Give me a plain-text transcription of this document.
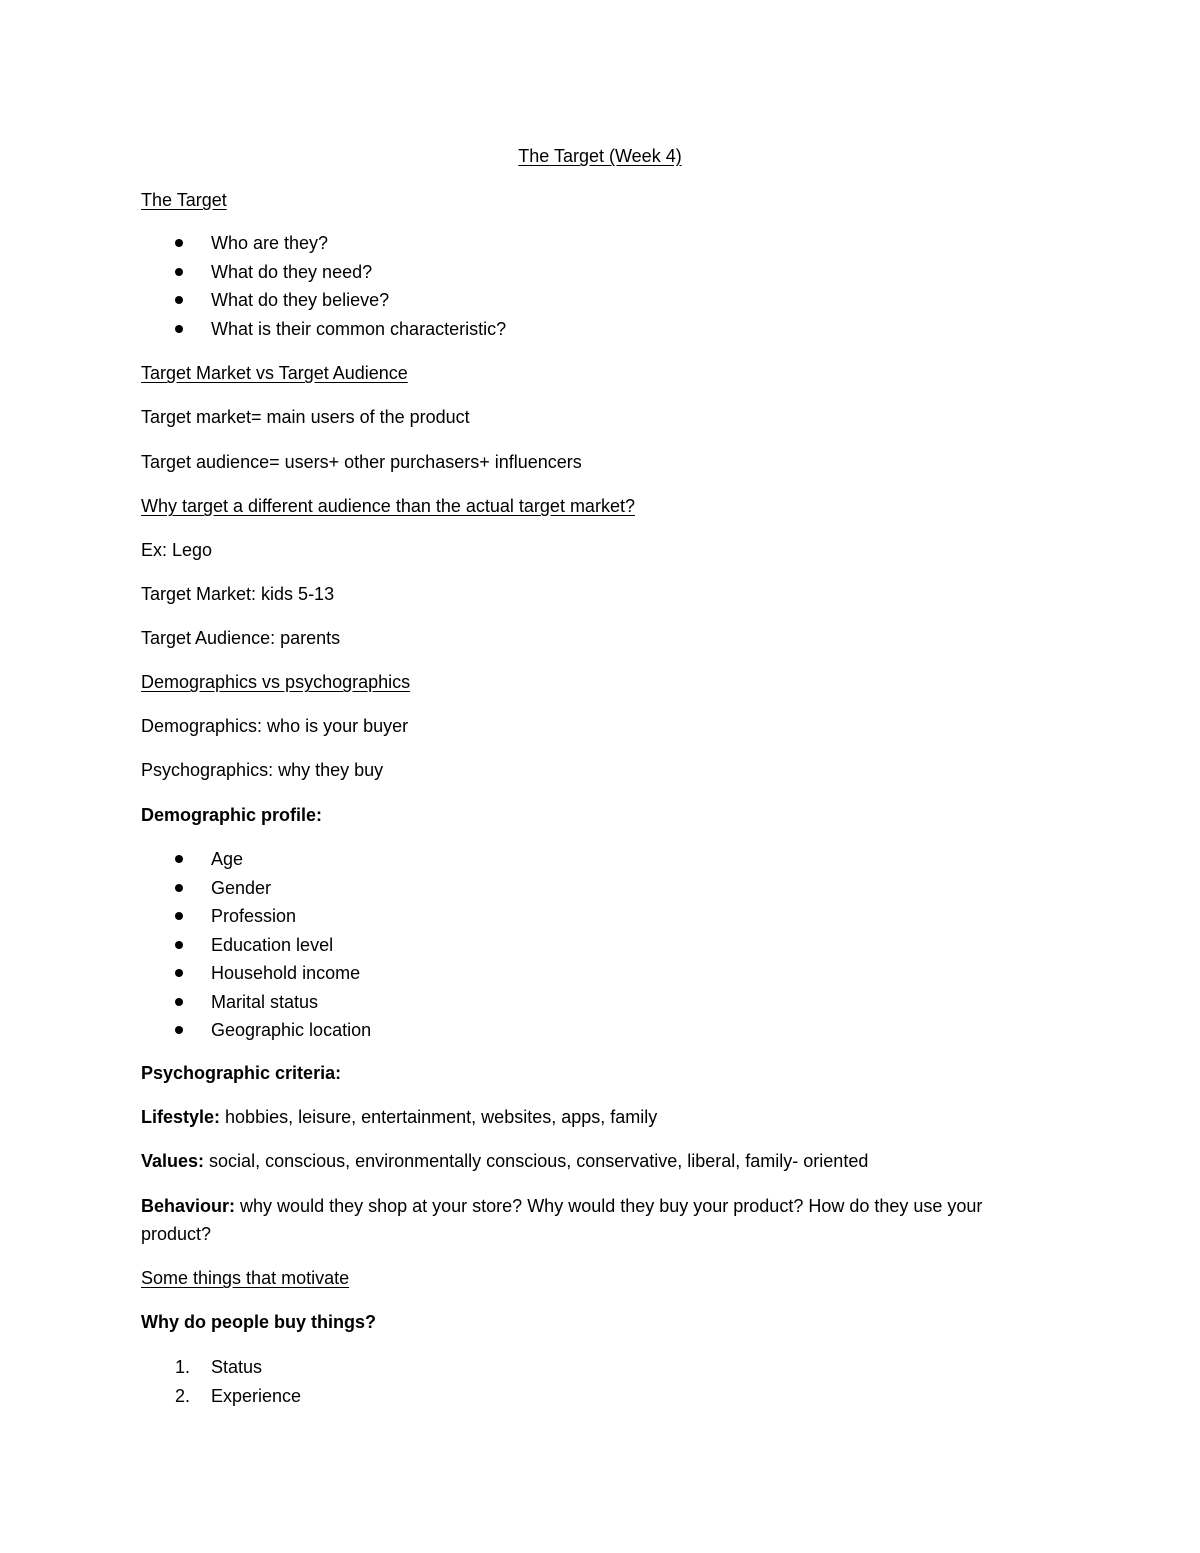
The Target (Week 4)
The Target
Who are they?
What do they need?
What do they believe?
What is their common characteristic?
Target Market vs Target Audience
Target market= main users of the product
Target audience= users+ other purchasers+ influencers
Why target a different audience than the actual target market?
Ex: Lego
Target Market: kids 5-13
Target Audience: parents
Demographics vs psychographics
Demographics: who is your buyer
Psychographics: why they buy
Demographic profile:
Age
Gender
Profession
Education level
Household income
Marital status
Geographic location
Psychographic criteria:
Lifestyle: hobbies, leisure, entertainment, websites, apps, family
Values: social, conscious, environmentally conscious, conservative, liberal, family- oriented
Behaviour: why would they shop at your store? Why would they buy your product? How do they use your product?
Some things that motivate
Why do people buy things?
1. Status
2. Experience
